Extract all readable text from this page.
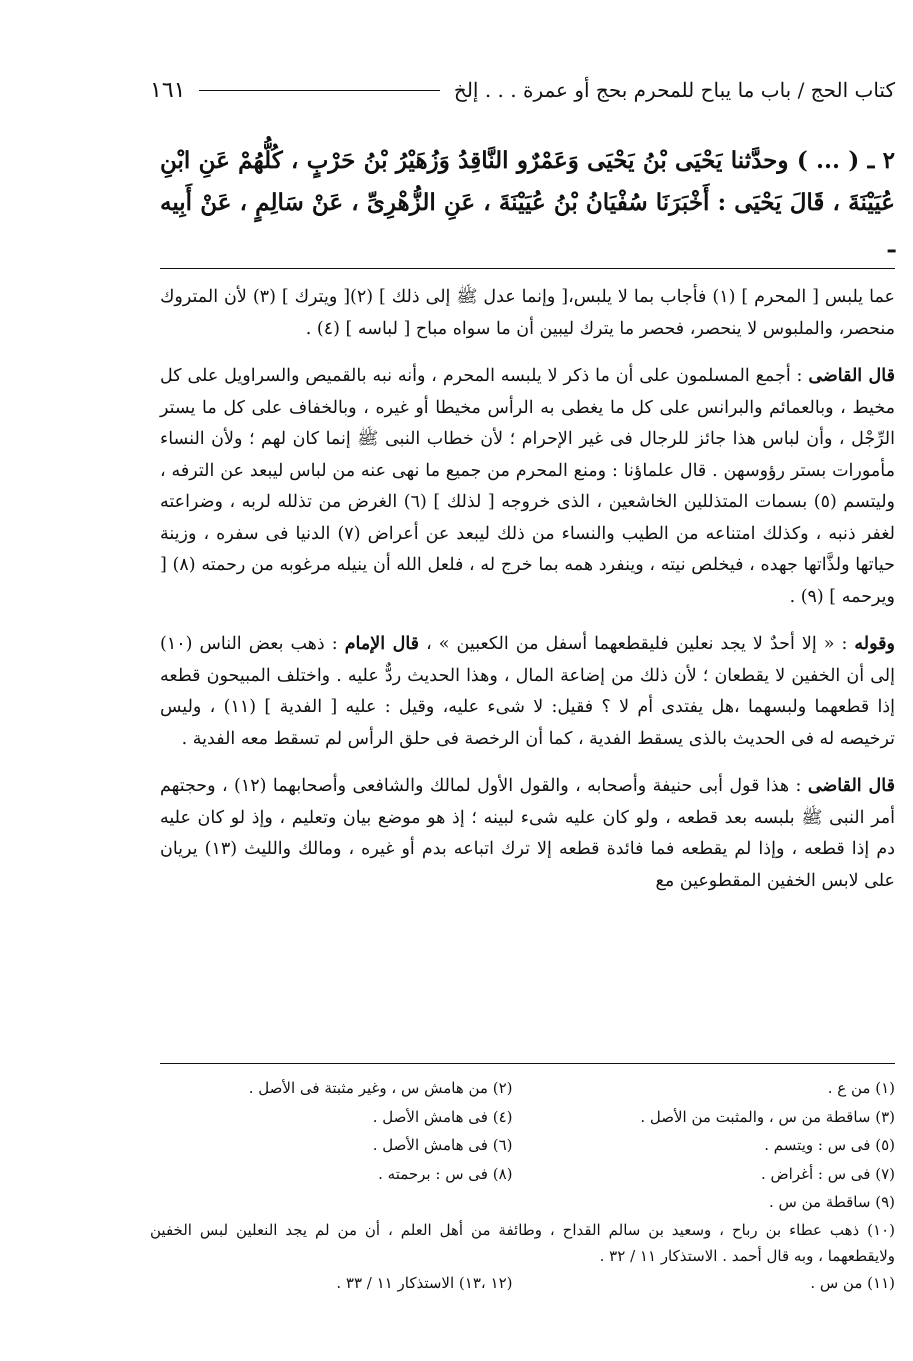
كتاب الحج / باب ما يباح للمحرم بحج أو عمرة . . . إلخ
١٦١
٢ ـ ( ... ) وحدَّثنا يَحْيَى بْنُ يَحْيَى وَعَمْرٌو النَّاقِدُ وَزُهَيْرُ بْنُ حَرْبٍ ، كُلُّهُمْ عَنِ ابْنِ عُيَيْنَةَ ، قَالَ يَحْيَى : أَخْبَرَنَا سُفْيَانُ بْنُ عُيَيْنَةَ ، عَنِ الزُّهْرِىِّ ، عَنْ سَالِمٍ ، عَنْ أَبِيه ـ

عما يلبس [ المحرم ] (١) فأجاب بما لا يلبس،[ وإنما عدل ﷺ إلى ذلك ] (٢)[ ويترك ] (٣) لأن المتروك منحصر، والملبوس لا ينحصر، فحصر ما يترك ليبين أن ما سواه مباح [ لباسه ] (٤) .

قال القاضى : أجمع المسلمون على أن ما ذكر لا يلبسه المحرم ، وأنه نبه بالقميص والسراويل على كل مخيط ، وبالعمائم والبرانس على كل ما يغطى به الرأس مخيطا أو غيره ، وبالخفاف على كل ما يستر الرِّجْل ، وأن لباس هذا جائز للرجال فى غير الإحرام ؛ لأن خطاب النبى ﷺ إنما كان لهم ؛ ولأن النساء مأمورات بستر رؤوسهن . قال علماؤنا : ومنع المحرم من جميع ما نهى عنه من لباس ليبعد عن الترفه ، وليتسم (٥) بسمات المتذللين الخاشعين ، الذى خروجه [ لذلك ] (٦) الغرض من تذلله لربه ، وضراعته لغفر ذنبه ، وكذلك امتناعه من الطيب والنساء من ذلك ليبعد عن أعراض (٧) الدنيا فى سفره ، وزينة حياتها ولذَّاتها جهده ، فيخلص نيته ، وينفرد همه بما خرج له ، فلعل الله أن ينيله مرغوبه من رحمته (٨) [ ويرحمه ] (٩) .

وقوله : « إلا أحدٌ لا يجد نعلين فليقطعهما أسفل من الكعبين » ، قال الإمام : ذهب بعض الناس (١٠) إلى أن الخفين لا يقطعان ؛ لأن ذلك من إضاعة المال ، وهذا الحديث ردٌّ عليه . واختلف المبيحون قطعه إذا قطعهما ولبسهما ،هل يفتدى أم لا ؟ فقيل: لا شىء عليه، وقيل : عليه [ الفدية ] (١١) ، وليس ترخيصه له فى الحديث بالذى يسقط الفدية ، كما أن الرخصة فى حلق الرأس لم تسقط معه الفدية .

قال القاضى : هذا قول أبى حنيفة وأصحابه ، والقول الأول لمالك والشافعى وأصحابهما (١٢) ، وحجتهم أمر النبى ﷺ بلبسه بعد قطعه ، ولو كان عليه شىء لبينه ؛ إذ هو موضع بيان وتعليم ، وإذ لو كان عليه دم إذا قطعه ، وإذا لم يقطعه فما فائدة قطعه إلا ترك اتباعه بدم أو غيره ، ومالك والليث (١٣) يريان على لابس الخفين المقطوعين مع

(١) من ع .
(٢) من هامش س ، وغير مثبتة فى الأصل .
(٣) ساقطة من س ، والمثبت من الأصل .
(٤) فى هامش الأصل .
(٥) فى س : ويتسم .
(٦) فى هامش الأصل .
(٧) فى س : أغراض .
(٨) فى س : برحمته .
(٩) ساقطة من س .
(١٠) ذهب عطاء بن رباح ، وسعيد بن سالم القداح ، وطائفة من أهل العلم ، أن من لم يجد النعلين لبس الخفين ولايقطعهما ، وبه قال أحمد . الاستذكار ١١ / ٣٢ .
(١١) من س .
(١٢ ،١٣) الاستذكار ١١ / ٣٣ .
